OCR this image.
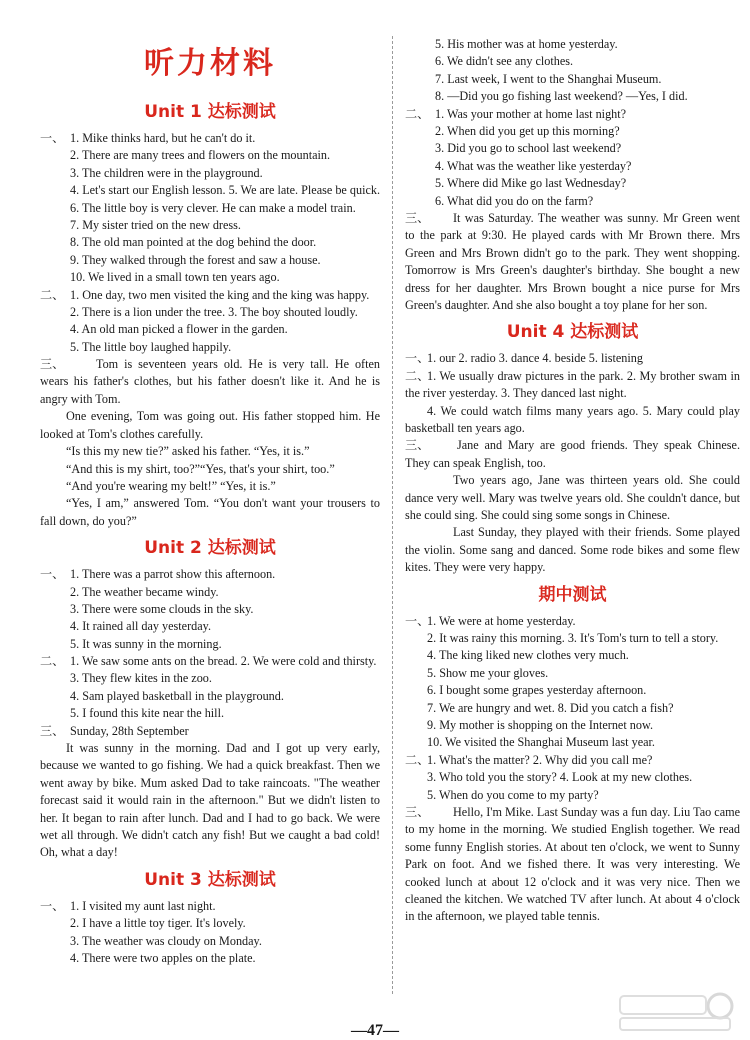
听力材料
Unit 1 达标测试
一、 1. Mike thinks hard, but he can't do it.
2. There are many trees and flowers on the mountain.
3. The children were in the playground.
4. Let's start our English lesson. 5. We are late. Please be quick.
6. The little boy is very clever. He can make a model train.
7. My sister tried on the new dress.
8. The old man pointed at the dog behind the door.
9. They walked through the forest and saw a house.
10. We lived in a small town ten years ago.
二、 1. One day, two men visited the king and the king was happy.
2. There is a lion under the tree. 3. The boy shouted loudly.
4. An old man picked a flower in the garden.
5. The little boy laughed happily.
三、	Tom is seventeen years old. He is very tall. He often wears his father's clothes, but his father doesn't like it. And he is angry with Tom.
One evening, Tom was going out. His father stopped him. He looked at Tom's clothes carefully.
“Is this my new tie?” asked his father. “Yes, it is.”
“And this is my shirt, too?”“Yes, that's your shirt, too.”
“And you're wearing my belt!” “Yes, it is.”
“Yes, I am,” answered Tom. “You don't want your trousers to fall down, do you?”
Unit 2 达标测试
一、 1. There was a parrot show this afternoon.
2. The weather became windy.
3. There were some clouds in the sky.
4. It rained all day yesterday.
5. It was sunny in the morning.
二、 1. We saw some ants on the bread. 2. We were cold and thirsty.
3. They flew kites in the zoo.
4. Sam played basketball in the playground.
5. I found this kite near the hill.
三、 Sunday, 28th September
It was sunny in the morning. Dad and I got up very early, because we wanted to go fishing. We had a quick breakfast. Then we went away by bike. Mum asked Dad to take raincoats. "The weather forecast said it would rain in the afternoon." But we didn't listen to her. It began to rain after lunch. Dad and I had to go back. We were wet all through. We didn't catch any fish! But we caught a bad cold! Oh, what a day!
Unit 3 达标测试
一、 1. I visited my aunt last night.
2. I have a little toy tiger. It's lovely.
3. The weather was cloudy on Monday.
4. There were two apples on the plate.
5. His mother was at home yesterday.
6. We didn't see any clothes.
7. Last week, I went to the Shanghai Museum.
8. —Did you go fishing last weekend? —Yes, I did.
二、 1. Was your mother at home last night?
2. When did you get up this morning?
3. Did you go to school last weekend?
4. What was the weather like yesterday?
5. Where did Mike go last Wednesday?
6. What did you do on the farm?
三、	It was Saturday. The weather was sunny. Mr Green went to the park at 9:30. He played cards with Mr Brown there. Mrs Green and Mrs Brown didn't go to the park. They went shopping. Tomorrow is Mrs Green's daughter's birthday. She bought a new dress for her daughter. Mrs Brown bought a nice purse for Mrs Green's daughter. And she also bought a toy plane for her son.
Unit 4 达标测试
一、1. our 2. radio 3. dance 4. beside 5. listening
二、
1. We usually draw pictures in the park. 2. My brother swam in the river yesterday. 3. They danced last night.
4. We could watch films many years ago. 5. Mary could play basketball ten years ago.
三、	Jane and Mary are good friends. They speak Chinese. They can speak English, too.
Two years ago, Jane was thirteen years old. She could dance very well. Mary was twelve years old. She couldn't dance, but she could sing. She could sing some songs in Chinese.
Last Sunday, they played with their friends. Some played the violin. Some sang and danced. Some rode bikes and some flew kites. They were very happy.
期中测试
一、
1. We were at home yesterday.
2. It was rainy this morning. 3. It's Tom's turn to tell a story.
4. The king liked new clothes very much.
5. Show me your gloves.
6. I bought some grapes yesterday afternoon.
7. We are hungry and wet. 8. Did you catch a fish?
9. My mother is shopping on the Internet now.
10. We visited the Shanghai Museum last year.
二、
1. What's the matter? 2. Why did you call me?
3. Who told you the story? 4. Look at my new clothes.
5. When do you come to my party?
三、	Hello, I'm Mike. Last Sunday was a fun day. Liu Tao came to my home in the morning. We studied English together. We read some funny English stories. At about ten o'clock, we went to Sunny Park on foot. And we fished there. It was very interesting. We cooked lunch at about 12 o'clock and it was very nice. Then we cleaned the kitchen. We watched TV after lunch. At about 4 o'clock in the afternoon, we played table tennis.
—47—
